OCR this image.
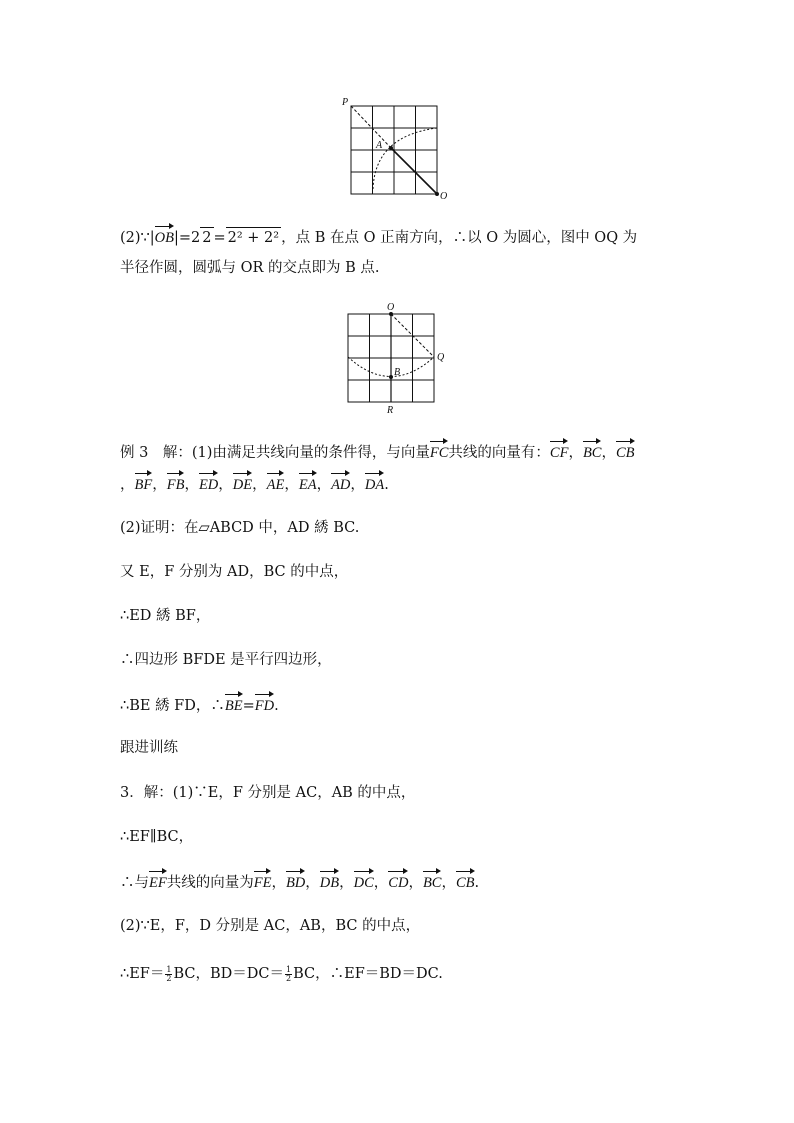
P
A
O
(2)∵|OB|=2 2 = 2² + 2² ，点 B 在点 O 正南方向，∴以 O 为圆心，图中 OQ 为
半径作圆，圆弧与 OR 的交点即为 B 点.
O
Q
B
R
例 3　解：(1)由满足共线向量的条件得，与向量FC共线的向量有：CF，BC，CB
，BF，FB，ED，DE，AE，EA，AD，DA.
(2)证明：在▱ABCD 中，AD 綉 BC.
又 E，F 分别为 AD，BC 的中点，
∴ED 綉 BF，
∴四边形 BFDE 是平行四边形，
∴BE 綉 FD，∴BE=FD.
跟进训练
3．解：(1)∵E，F 分别是 AC，AB 的中点，
∴EF∥BC，
∴与EF共线的向量为FE，BD，DB，DC，CD，BC，CB.
(2)∵E，F，D 分别是 AC，AB，BC 的中点，
∴EF＝ $\frac{1}{2}$ BC，$BD=DC= \frac{1}{2}$ BC，∴EF＝BD＝DC.
